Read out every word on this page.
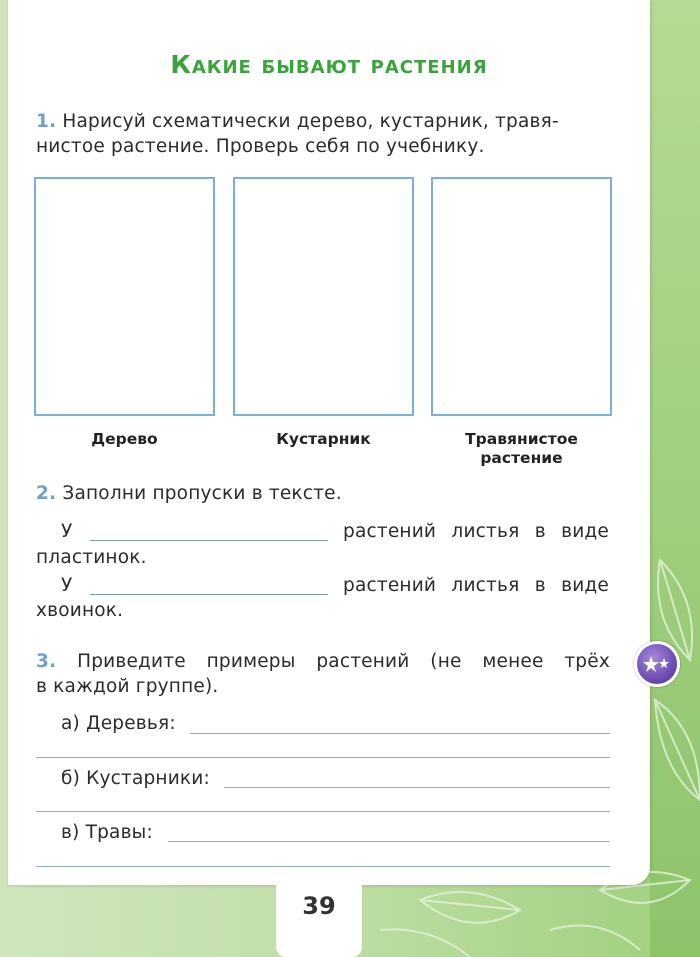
Какие бывают растения
1. Нарисуй схематически дерево, кустарник, травя-
нистое растение. Проверь себя по учебнику.
Дерево	Кустарник	Травянистое
растение
2. Заполни пропуски в тексте.
У	растений листья в виде
пластинок.
У	растений листья в виде
хвоинок.
3. Приведите примеры растений (не менее трёх
в каждой группе).
а) Деревья:
б) Кустарники:
в) Травы:
39
